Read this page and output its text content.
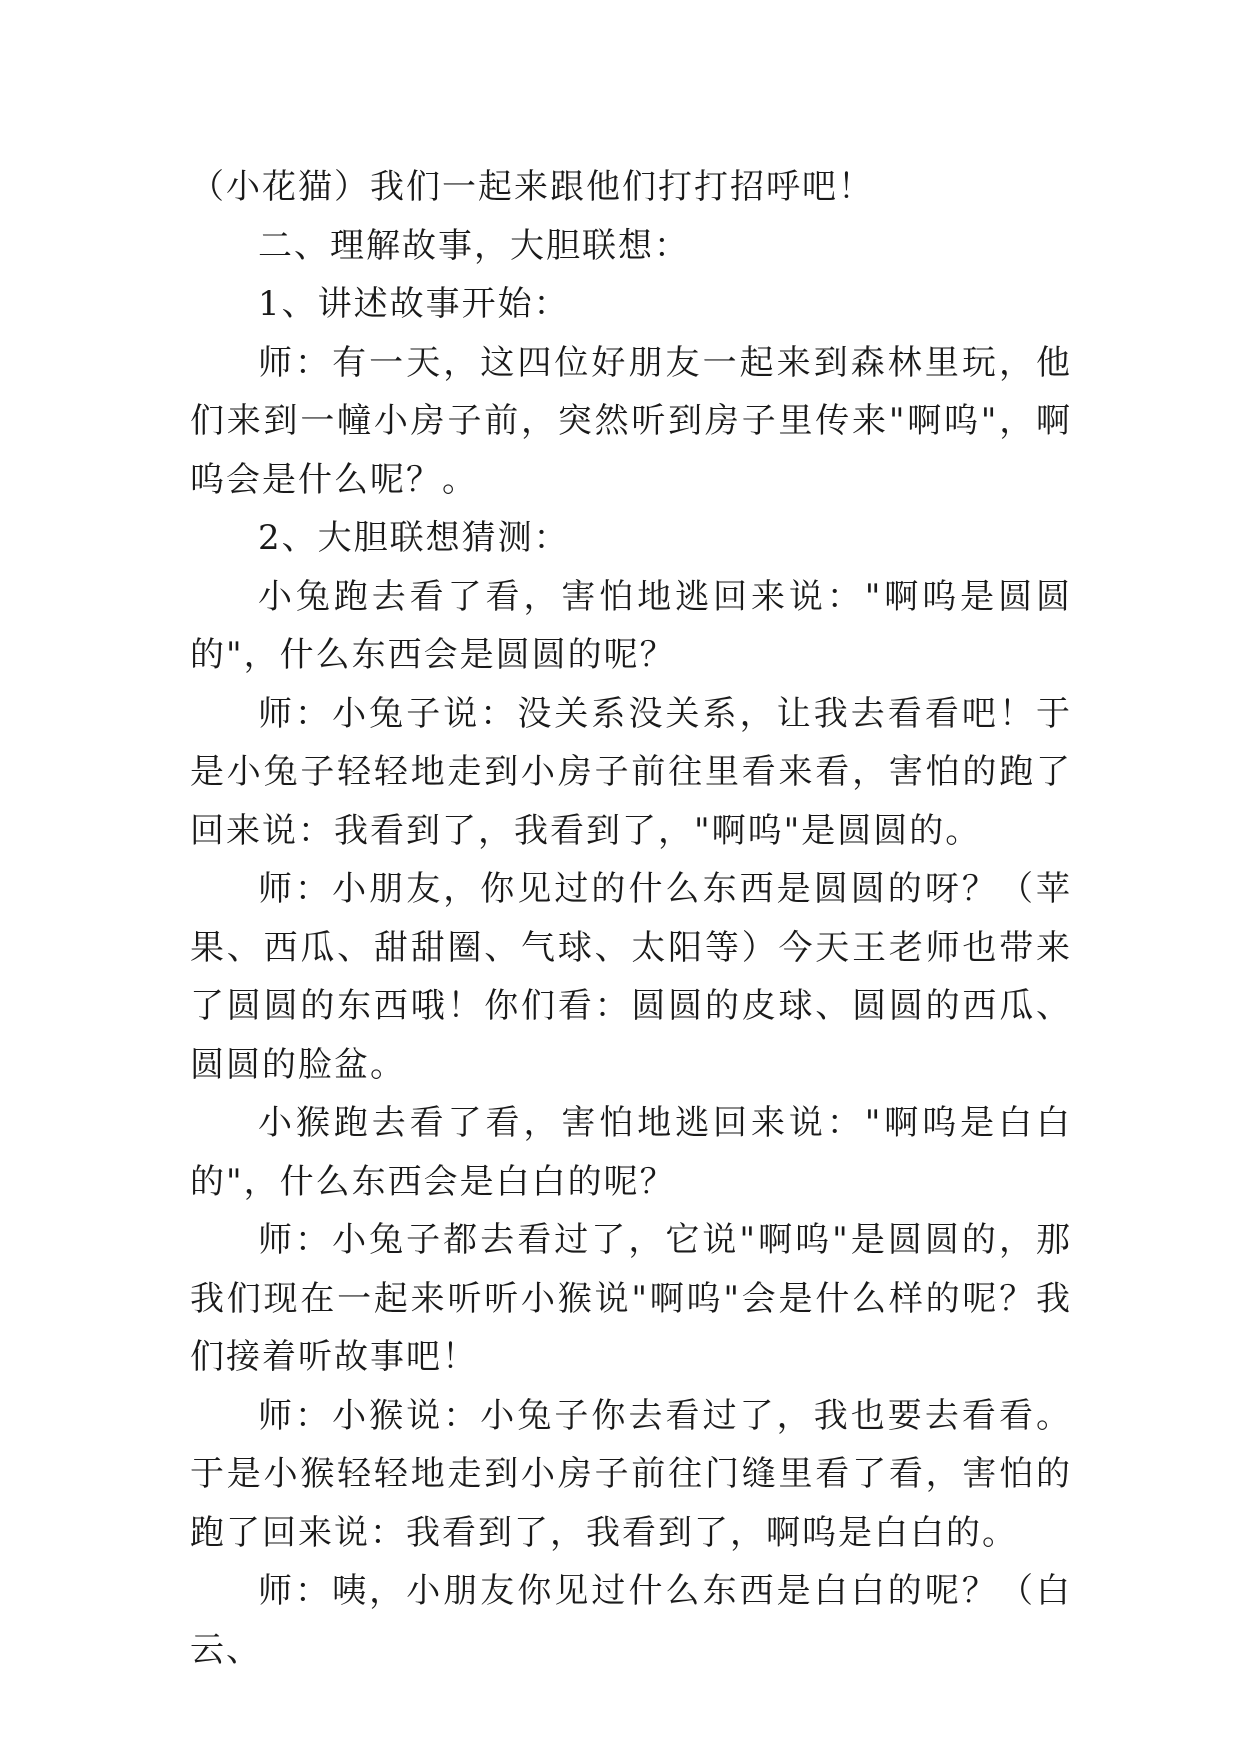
（小花猫）我们一起来跟他们打打招呼吧！

二、理解故事，大胆联想：

1、讲述故事开始：

师：有一天，这四位好朋友一起来到森林里玩，他们来到一幢小房子前，突然听到房子里传来"啊呜"，啊呜会是什么呢？。

2、大胆联想猜测：

小兔跑去看了看，害怕地逃回来说："啊呜是圆圆的"，什么东西会是圆圆的呢？

师：小兔子说：没关系没关系，让我去看看吧！于是小兔子轻轻地走到小房子前往里看来看，害怕的跑了回来说：我看到了，我看到了，"啊呜"是圆圆的。

师：小朋友，你见过的什么东西是圆圆的呀？（苹果、西瓜、甜甜圈、气球、太阳等）今天王老师也带来了圆圆的东西哦！你们看：圆圆的皮球、圆圆的西瓜、圆圆的脸盆。

小猴跑去看了看，害怕地逃回来说："啊呜是白白的"，什么东西会是白白的呢？

师：小兔子都去看过了，它说"啊呜"是圆圆的，那我们现在一起来听听小猴说"啊呜"会是什么样的呢？我们接着听故事吧！

师：小猴说：小兔子你去看过了，我也要去看看。于是小猴轻轻地走到小房子前往门缝里看了看，害怕的跑了回来说：我看到了，我看到了，啊呜是白白的。

师：咦，小朋友你见过什么东西是白白的呢？（白云、
